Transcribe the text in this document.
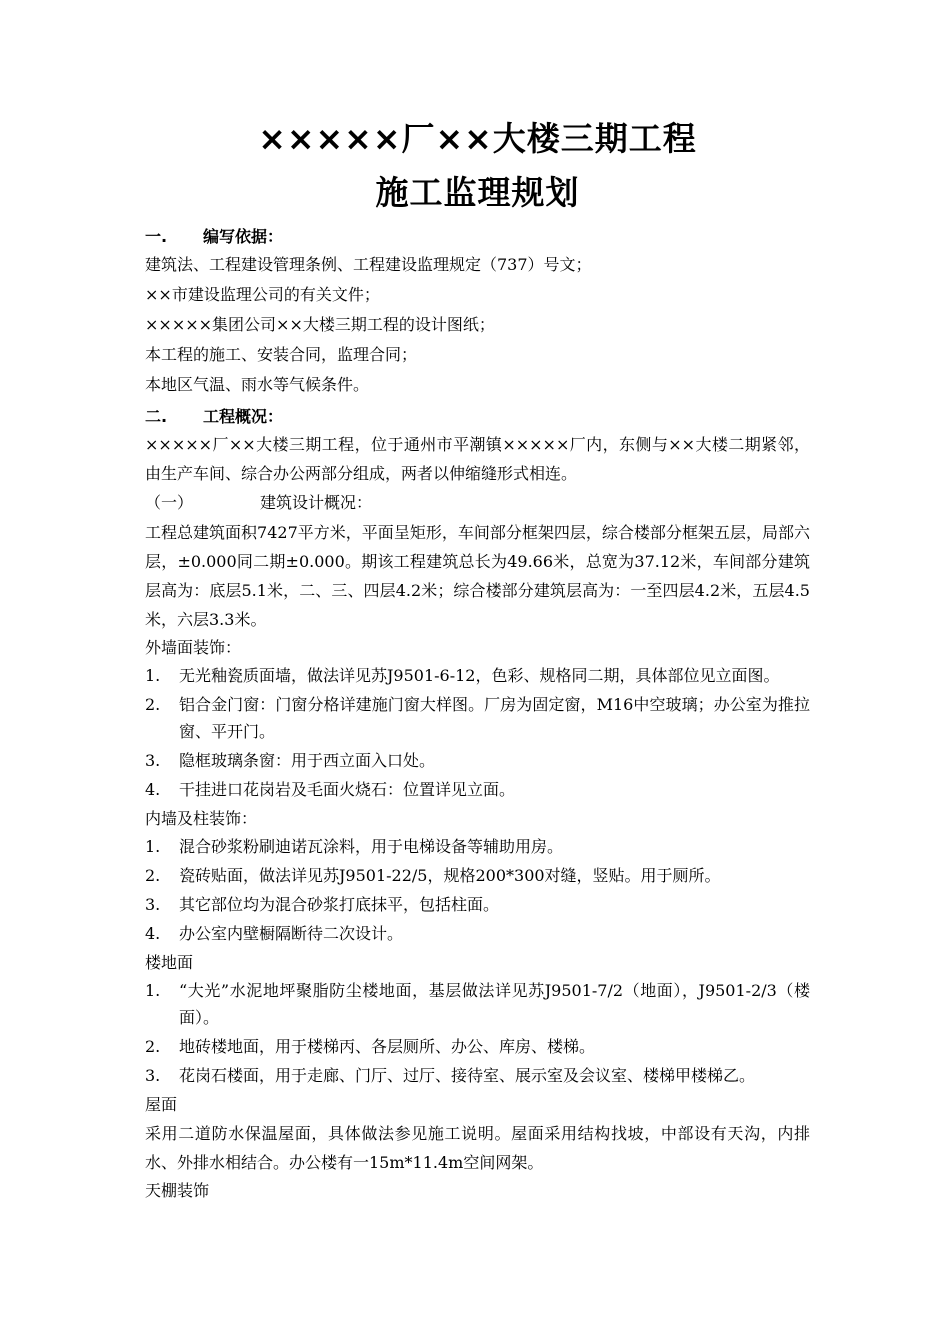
×××××厂××大楼三期工程
施工监理规划
一.	编写依据：

建筑法、工程建设管理条例、工程建设监理规定（737）号文；

××市建设监理公司的有关文件；

×××××集团公司××大楼三期工程的设计图纸；

本工程的施工、安装合同，监理合同；

本地区气温、雨水等气候条件。

二.	工程概况：

×××××厂××大楼三期工程，位于通州市平潮镇×××××厂内，东侧与××大楼二期紧邻，由生产车间、综合办公两部分组成，两者以伸缩缝形式相连。

（一）	建筑设计概况：

工程总建筑面积7427平方米，平面呈矩形，车间部分框架四层，综合楼部分框架五层，局部六层，±0.000同二期±0.000。期该工程建筑总长为49.66米，总宽为37.12米，车间部分建筑层高为：底层5.1米，二、三、四层4.2米；综合楼部分建筑层高为：一至四层4.2米，五层4.5米，六层3.3米。

外墙面装饰：

1.	无光釉瓷质面墙，做法详见苏J9501-6-12，色彩、规格同二期，具体部位见立面图。
2.	铝合金门窗：门窗分格详建施门窗大样图。厂房为固定窗，M16中空玻璃；办公室为推拉窗、平开门。
3.	隐框玻璃条窗：用于西立面入口处。
4.	干挂进口花岗岩及毛面火烧石：位置详见立面。

内墙及柱装饰：

1.	混合砂浆粉刷迪诺瓦涂料，用于电梯设备等辅助用房。
2.	瓷砖贴面，做法详见苏J9501-22/5，规格200*300对缝，竖贴。用于厕所。
3.	其它部位均为混合砂浆打底抹平，包括柱面。
4.	办公室内壁橱隔断待二次设计。

楼地面

1.	“大光”水泥地坪聚脂防尘楼地面，基层做法详见苏J9501-7/2（地面），J9501-2/3（楼面）。
2.	地砖楼地面，用于楼梯丙、各层厕所、办公、库房、楼梯。
3.	花岗石楼面，用于走廊、门厅、过厅、接待室、展示室及会议室、楼梯甲楼梯乙。

屋面

采用二道防水保温屋面，具体做法参见施工说明。屋面采用结构找坡，中部设有天沟，内排水、外排水相结合。办公楼有一15m*11.4m空间网架。

天棚装饰
